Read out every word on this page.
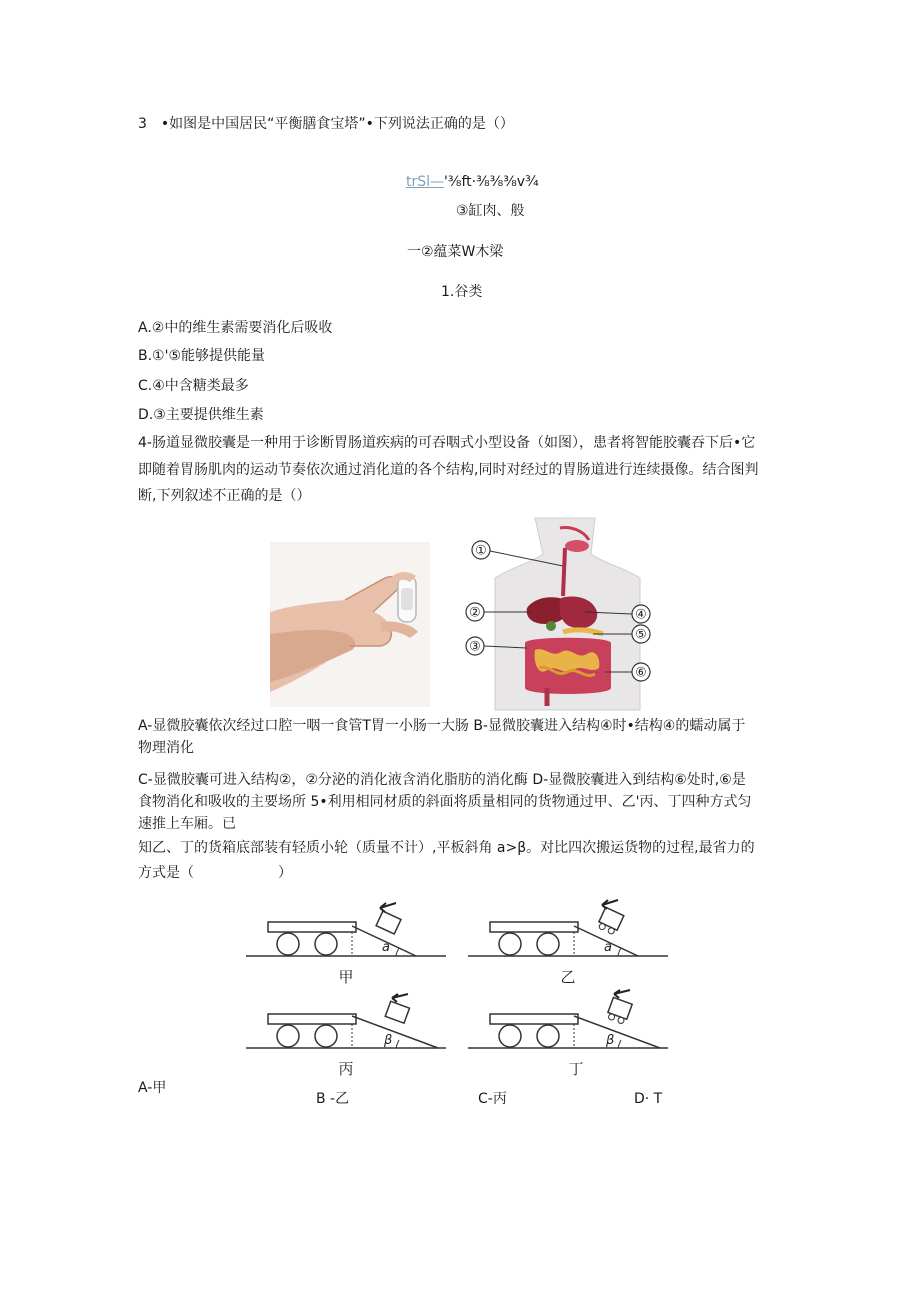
3　•如图是中国居民“平衡膳食宝塔”•下列说法正确的是（）
trSl—'⅜ft·⅜⅜⅜v¾
③缸肉、般
一②蕴菜W木梁
1.谷类
A.②中的维生素需要消化后吸收
B.①'⑤能够提供能量
C.④中含糖类最多
D.③主要提供维生素
4-肠道显微胶囊是一种用于诊断胃肠道疾病的可吞咽式小型设备（如图），患者将智能胶囊吞下后•它
即随着胃肠肌肉的运动节奏依次通过消化道的各个结构,同时对经过的胃肠道进行连续摄像。结合图判
断,下列叙述不正确的是（）
①
②
③
④
⑤
⑥
A-显微胶囊依次经过口腔一咽一食管T胃一小肠一大肠 B-显微胶囊进入结构④时•结构④的蠕动属于
物理消化
C-显微胶囊可进入结构②，②分泌的消化液含消化脂肪的消化酶 D-显微胶囊进入到结构⑥处时,⑥是
食物消化和吸收的主要场所 5•利用相同材质的斜面将质量相同的货物通过甲、乙'丙、丁四种方式匀
速推上车厢。已
知乙、丁的货箱底部装有轻质小轮（质量不计）,平板斜角 a>β。对比四次搬运货物的过程,最省力的
方式是（　　　　　　）
a
甲
a
乙
β
丙
β
丁
A-甲
B -乙	C-丙	D· T
